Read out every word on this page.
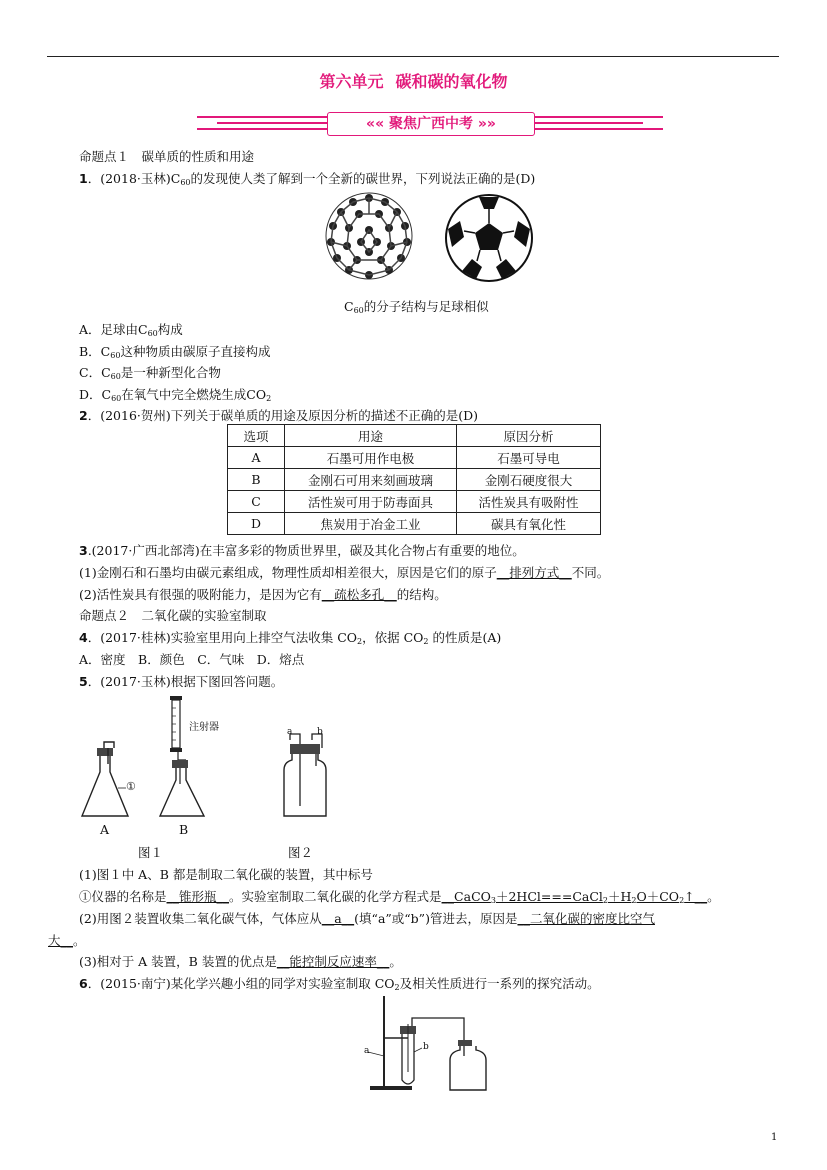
第六单元 碳和碳的氧化物
«« 聚焦广西中考 »»
命题点１　碳单质的性质和用途
1．(2018·玉林)$C_{60}$的发现使人类了解到一个全新的碳世界，下列说法正确的是(D)
$C_{60}$的分子结构与足球相似
A．足球由$C_{60}$构成
B．$C_{60}$这种物质由碳原子直接构成
C．$C_{60}$是一种新型化合物
D．$C_{60}$在氧气中完全燃烧生成$CO_2$
2．(2016·贺州)下列关于碳单质的用途及原因分析的描述不正确的是(D)
选项	用途	原因分析
A	石墨可用作电极	石墨可导电
B	金刚石可用来刻画玻璃	金刚石硬度很大
C	活性炭可用于防毒面具	活性炭具有吸附性
D	焦炭用于冶金工业	碳具有氧化性
3.(2017·广西北部湾)在丰富多彩的物质世界里，碳及其化合物占有重要的地位。
(1)金刚石和石墨均由碳元素组成，物理性质却相差很大，原因是它们的原子__排列方式__不同。
(2)活性炭具有很强的吸附能力，是因为它有__疏松多孔__的结构。
命题点２　二氧化碳的实验室制取
4．(2017·桂林)实验室里用向上排空气法收集 $CO_2$，依据 $CO_2$ 的性质是(A)
A．密度　B．颜色　C．气味　D．熔点
5．(2017·玉林)根据下图回答问题。
①
A
注射器
B
a	b
图１	图２
(1)图１中 A、B 都是制取二氧化碳的装置，其中标号
①仪器的名称是__锥形瓶__。实验室制取二氧化碳的化学方程式是$\_\_CaCO_3+2HCl===CaCl_2+H_2O+CO_2↑\_\_$。
(2)用图２装置收集二氧化碳气体，气体应从__a__(填“a”或“b”)管进去，原因是__二氧化碳的密度比空气
大__。
(3)相对于 A 装置，B 装置的优点是__能控制反应速率__。
6．(2015·南宁)某化学兴趣小组的同学对实验室制取 $CO_2$及相关性质进行一系列的探究活动。
a	b
1
